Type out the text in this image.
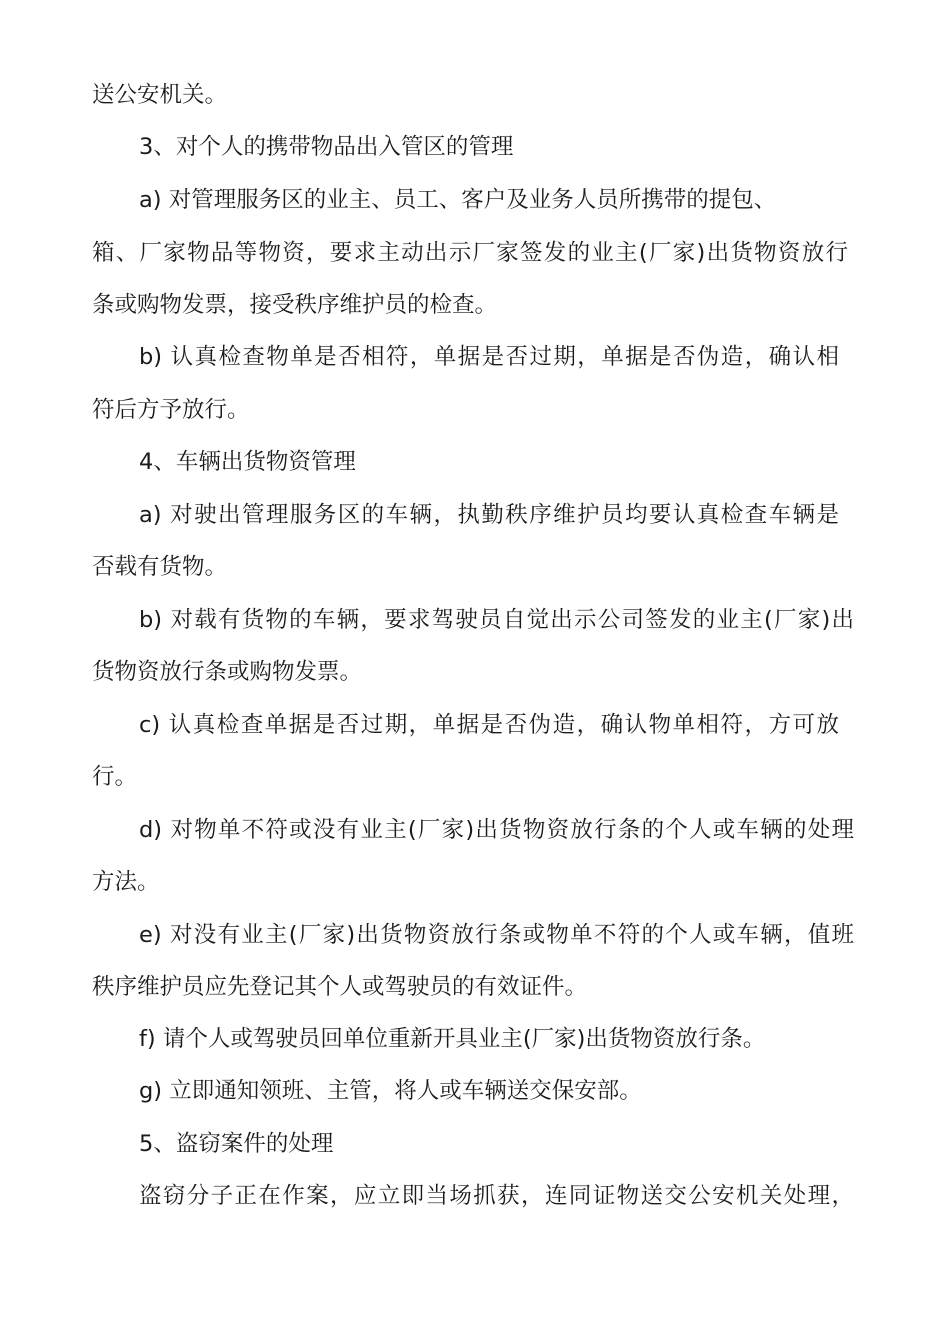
送公安机关。
3、对个人的携带物品出入管区的管理
a) 对管理服务区的业主、员工、客户及业务人员所携带的提包、
箱、厂家物品等物资，要求主动出示厂家签发的业主(厂家)出货物资放行
条或购物发票，接受秩序维护员的检查。
b) 认真检查物单是否相符，单据是否过期，单据是否伪造，确认相
符后方予放行。
4、车辆出货物资管理
a) 对驶出管理服务区的车辆，执勤秩序维护员均要认真检查车辆是
否载有货物。
b) 对载有货物的车辆，要求驾驶员自觉出示公司签发的业主(厂家)出
货物资放行条或购物发票。
c) 认真检查单据是否过期，单据是否伪造，确认物单相符，方可放
行。
d) 对物单不符或没有业主(厂家)出货物资放行条的个人或车辆的处理
方法。
e) 对没有业主(厂家)出货物资放行条或物单不符的个人或车辆，值班
秩序维护员应先登记其个人或驾驶员的有效证件。
f) 请个人或驾驶员回单位重新开具业主(厂家)出货物资放行条。
g) 立即通知领班、主管，将人或车辆送交保安部。
5、盗窃案件的处理
盗窃分子正在作案，应立即当场抓获，连同证物送交公安机关处理，
